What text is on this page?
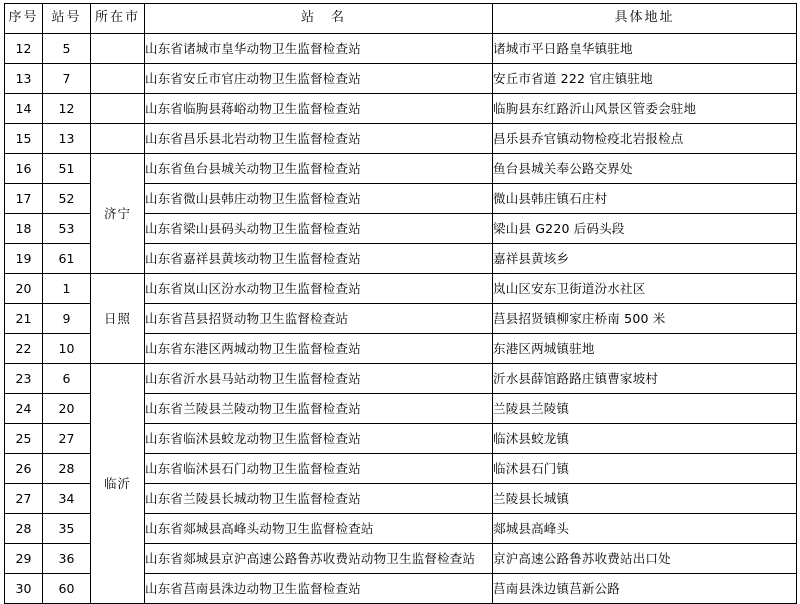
序号	站号	所在市	站　名	具体地址
12	5		山东省诸城市皇华动物卫生监督检查站	诸城市平日路皇华镇驻地
13	7		山东省安丘市官庄动物卫生监督检查站	安丘市省道 222 官庄镇驻地
14	12		山东省临朐县蒋峪动物卫生监督检查站	临朐县东红路沂山风景区管委会驻地
15	13		山东省昌乐县北岩动物卫生监督检查站	昌乐县乔官镇动物检疫北岩报检点
16	51	济宁	山东省鱼台县城关动物卫生监督检查站	鱼台县城关奉公路交界处
17	52		山东省微山县韩庄动物卫生监督检查站	微山县韩庄镇石庄村
18	53		山东省梁山县码头动物卫生监督检查站	梁山县 G220 后码头段
19	61		山东省嘉祥县黄垓动物卫生监督检查站	嘉祥县黄垓乡
20	1	日照	山东省岚山区汾水动物卫生监督检查站	岚山区安东卫街道汾水社区
21	9		山东省莒县招贤动物卫生监督检查站	莒县招贤镇柳家庄桥南 500 米
22	10		山东省东港区两城动物卫生监督检查站	东港区两城镇驻地
23	6	临沂	山东省沂水县马站动物卫生监督检查站	沂水县薛馆路路庄镇曹家坡村
24	20		山东省兰陵县兰陵动物卫生监督检查站	兰陵县兰陵镇
25	27		山东省临沭县蛟龙动物卫生监督检查站	临沭县蛟龙镇
26	28		山东省临沭县石门动物卫生监督检查站	临沭县石门镇
27	34		山东省兰陵县长城动物卫生监督检查站	兰陵县长城镇
28	35		山东省郯城县高峰头动物卫生监督检查站	郯城县高峰头
29	36		山东省郯城县京沪高速公路鲁苏收费站动物卫生监督检查站	京沪高速公路鲁苏收费站出口处
30	60		山东省莒南县洙边动物卫生监督检查站	莒南县洙边镇莒新公路
